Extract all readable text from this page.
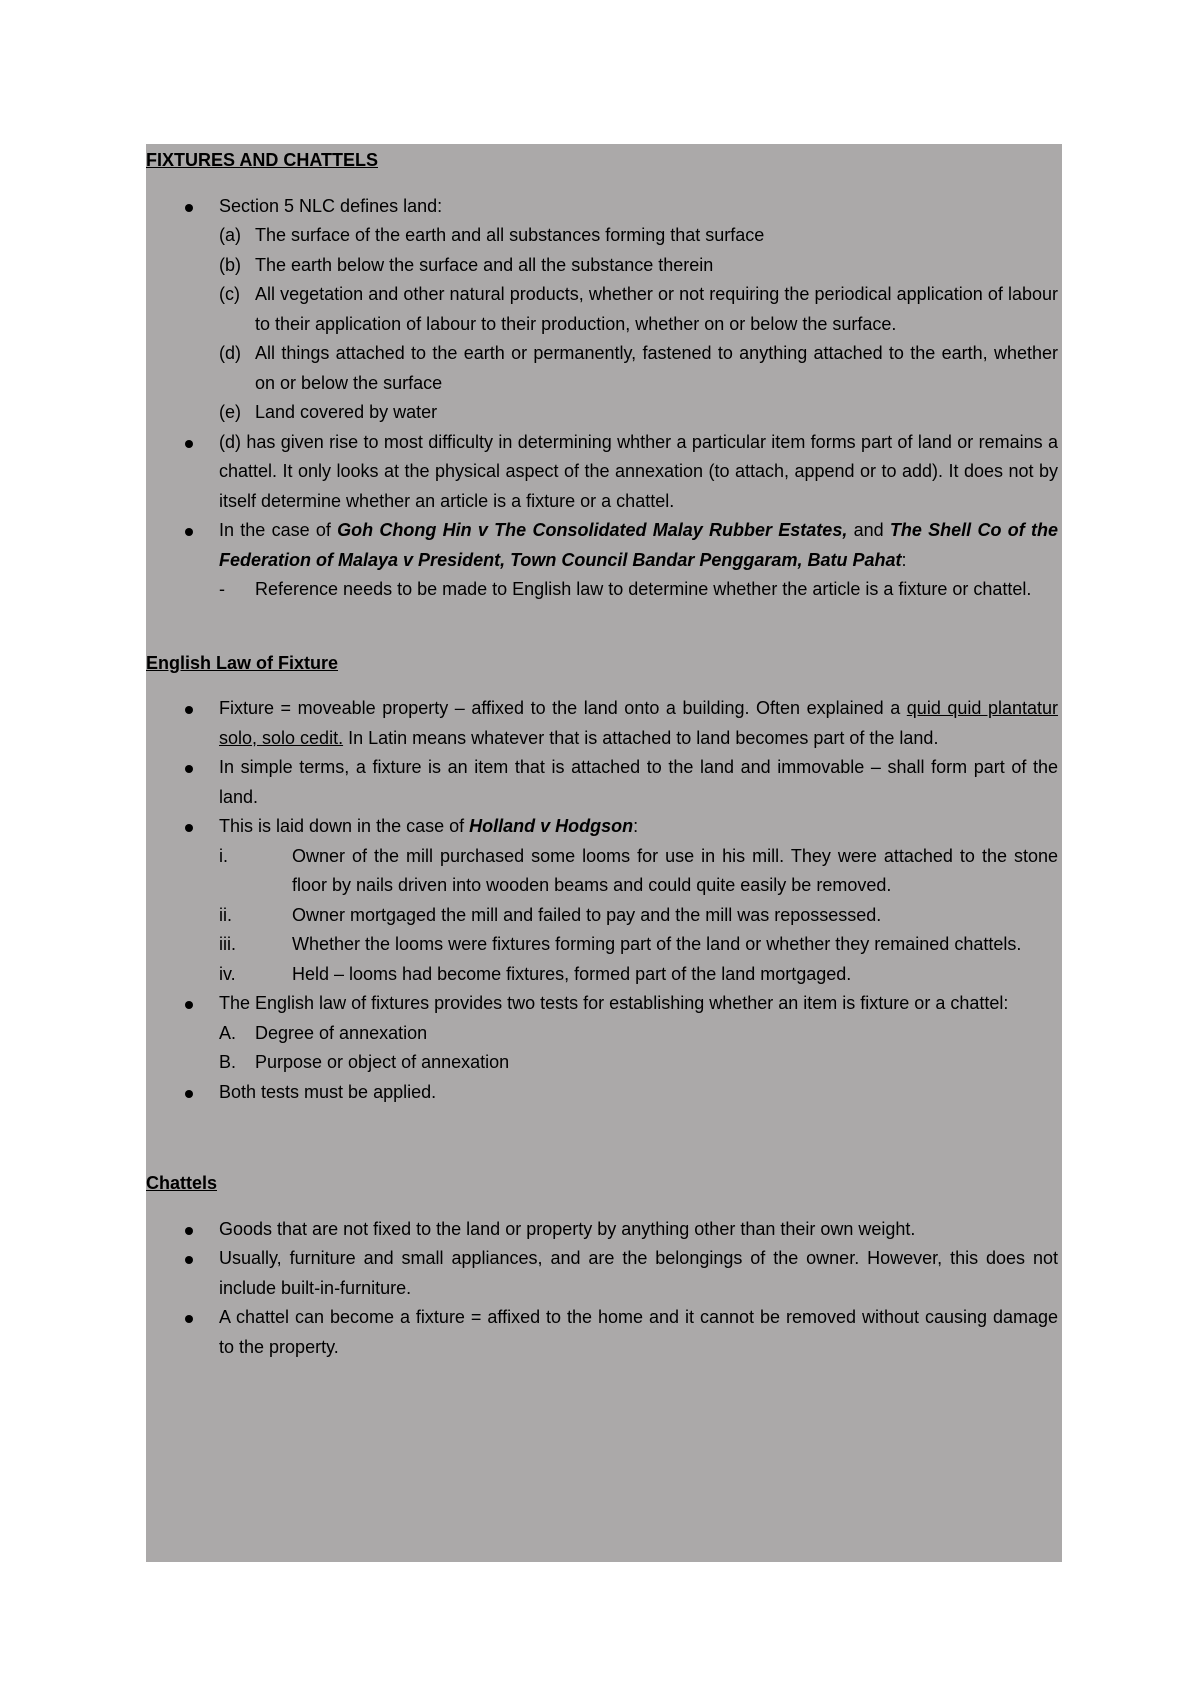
FIXTURES AND CHATTELS

Section 5 NLC defines land:
(a) The surface of the earth and all substances forming that surface
(b) The earth below the surface and all the substance therein
(c) All vegetation and other natural products, whether or not requiring the periodical application of labour to their application of labour to their production, whether on or below the surface.
(d) All things attached to the earth or permanently, fastened to anything attached to the earth, whether on or below the surface
(e) Land covered by water
(d) has given rise to most difficulty in determining whther a particular item forms part of land or remains a chattel. It only looks at the physical aspect of the annexation (to attach, append or to add). It does not by itself determine whether an article is a fixture or a chattel.
In the case of Goh Chong Hin v The Consolidated Malay Rubber Estates, and The Shell Co of the Federation of Malaya v President, Town Council Bandar Penggaram, Batu Pahat:
- Reference needs to be made to English law to determine whether the article is a fixture or chattel.

English Law of Fixture

Fixture = moveable property – affixed to the land onto a building. Often explained a quid quid plantatur solo, solo cedit. In Latin means whatever that is attached to land becomes part of the land.
In simple terms, a fixture is an item that is attached to the land and immovable – shall form part of the land.
This is laid down in the case of Holland v Hodgson:
i.	Owner of the mill purchased some looms for use in his mill. They were attached to the stone floor by nails driven into wooden beams and could quite easily be removed.
ii.	Owner mortgaged the mill and failed to pay and the mill was repossessed.
iii.	Whether the looms were fixtures forming part of the land or whether they remained chattels.
iv.	Held – looms had become fixtures, formed part of the land mortgaged.
The English law of fixtures provides two tests for establishing whether an item is fixture or a chattel:
A. Degree of annexation
B. Purpose or object of annexation
Both tests must be applied.

Chattels

Goods that are not fixed to the land or property by anything other than their own weight.
Usually, furniture and small appliances, and are the belongings of the owner. However, this does not include built-in-furniture.
A chattel can become a fixture = affixed to the home and it cannot be removed without causing damage to the property.
